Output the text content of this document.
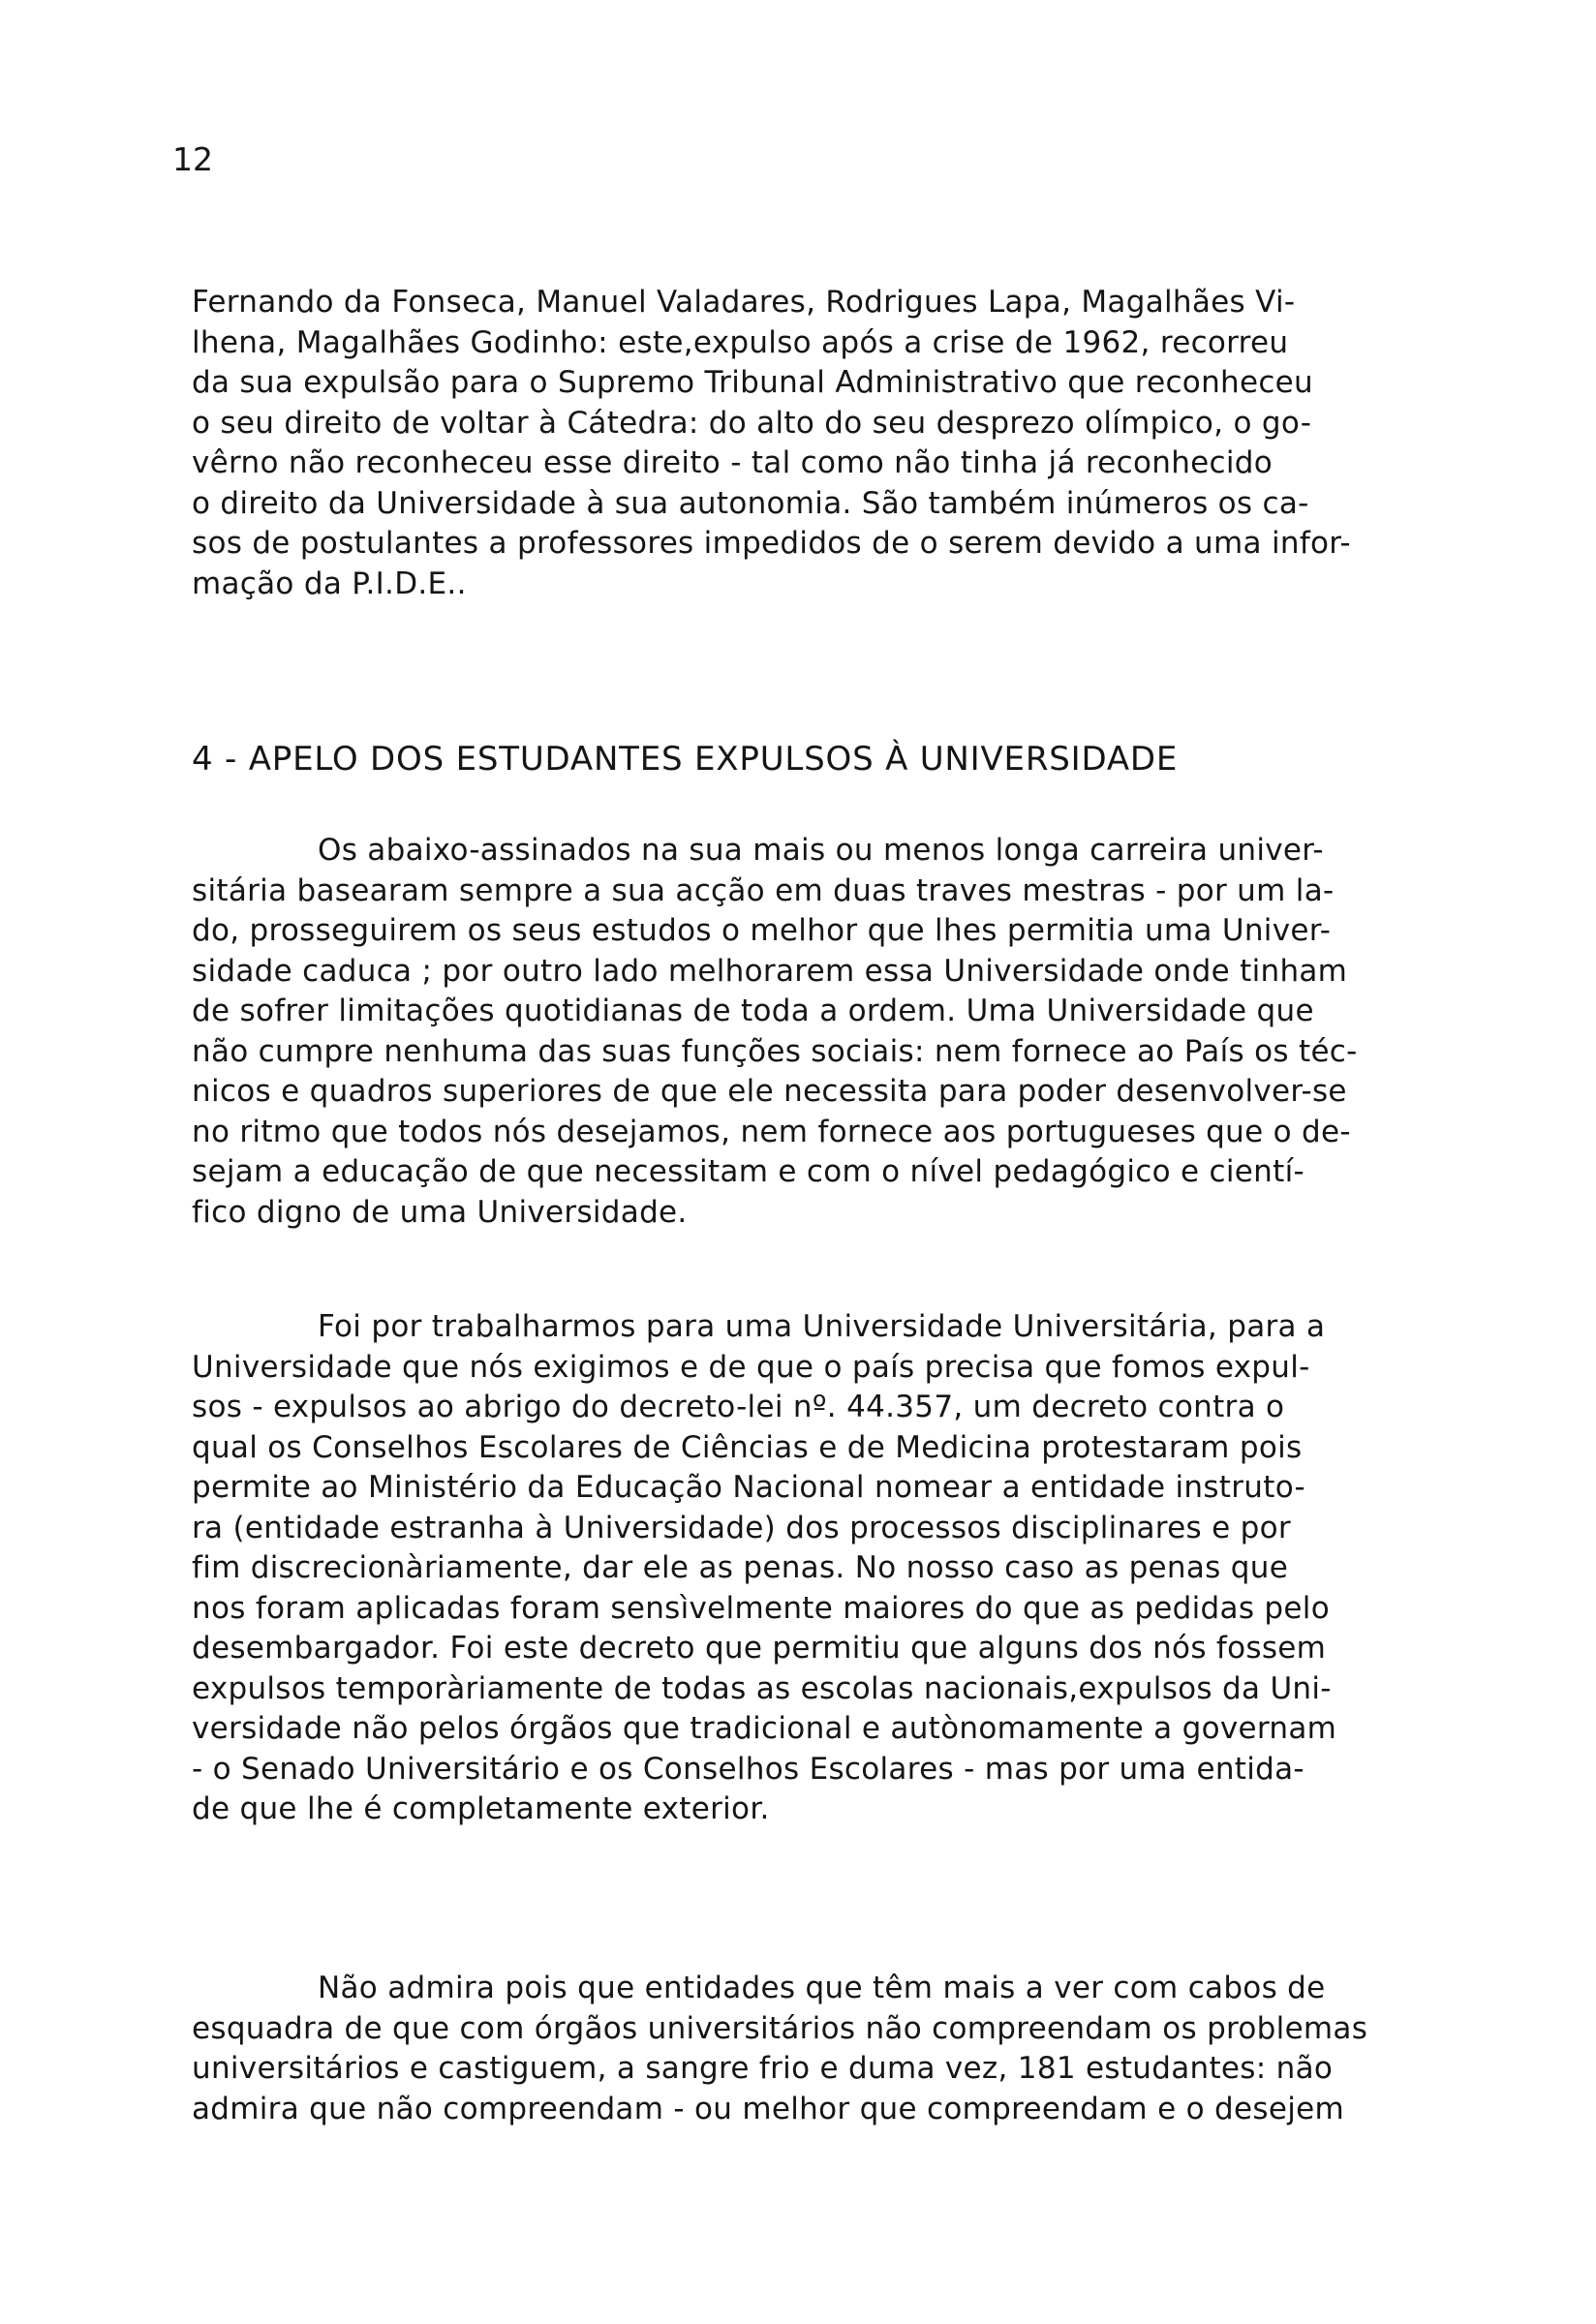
12
Fernando da Fonseca, Manuel Valadares, Rodrigues Lapa, Magalhães Vi-
lhena, Magalhães Godinho: este,expulso após a crise de 1962, recorreu
da sua expulsão para o Supremo Tribunal Administrativo que reconheceu
o seu direito de voltar à Cátedra: do alto do seu desprezo olímpico, o go-
vêrno não reconheceu esse direito - tal como não tinha já reconhecido
o direito da Universidade à sua autonomia. São também inúmeros os ca-
sos de postulantes a professores impedidos de o serem devido a uma infor-
mação da P.I.D.E..
4 - APELO DOS ESTUDANTES EXPULSOS À UNIVERSIDADE
Os abaixo-assinados na sua mais ou menos longa carreira univer-
sitária basearam sempre a sua acção em duas traves mestras - por um la-
do, prosseguirem os seus estudos o melhor que lhes permitia uma Univer-
sidade caduca ; por outro lado melhorarem essa Universidade onde tinham
de sofrer limitações quotidianas de toda a ordem. Uma Universidade que
não cumpre nenhuma das suas funções sociais: nem fornece ao País os téc-
nicos e quadros superiores de que ele necessita para poder desenvolver-se
no ritmo que todos nós desejamos, nem fornece aos portugueses que o de-
sejam a educação de que necessitam e com o nível pedagógico e cientí-
fico digno de uma Universidade.
Foi por trabalharmos para uma Universidade Universitária, para a
Universidade que nós exigimos e de que o país precisa que fomos expul-
sos - expulsos ao abrigo do decreto-lei nº. 44.357, um decreto contra o
qual os Conselhos Escolares de Ciências e de Medicina protestaram pois
permite ao Ministério da Educação Nacional nomear a entidade instruto-
ra (entidade estranha à Universidade) dos processos disciplinares e por
fim discrecionàriamente, dar ele as penas. No nosso caso as penas que
nos foram aplicadas foram sensìvelmente maiores do que as pedidas pelo
desembargador. Foi este decreto que permitiu que alguns dos nós fossem
expulsos temporàriamente de todas as escolas nacionais,expulsos da Uni-
versidade não pelos órgãos que tradicional e autònomamente a governam
- o Senado Universitário e os Conselhos Escolares - mas por uma entida-
de que lhe é completamente exterior.
Não admira pois que entidades que têm mais a ver com cabos de
esquadra de que com órgãos universitários não compreendam os problemas
universitários e castiguem, a sangre frio e duma vez, 181 estudantes: não
admira que não compreendam - ou melhor que compreendam e o desejem
